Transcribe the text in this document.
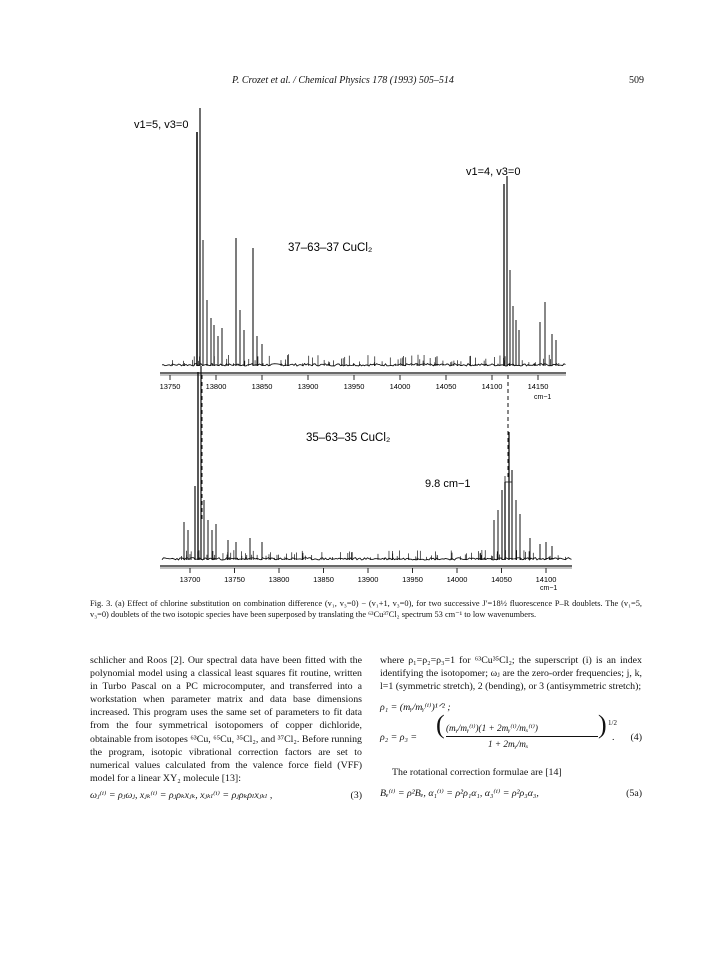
P. Crozet et al. / Chemical Physics 178 (1993) 505–514	509
13750	13800	13850	13900	13950	14000	14050	14100	14150
v1=5, v3=0
v1=4, v3=0
37–63–37 CuCl₂
cm−1
13700	13750	13800	13850	13900	13950	14000	14050	14100
35–63–35 CuCl₂
9.8 cm−1
cm−1
Fig. 3. (a) Effect of chlorine substitution on combination difference (v₁, v₃=0) − (v₁+1, v₃=0), for two successive J′=18½ fluorescence P–R doublets. The (v₁=5, v₃=0) doublets of the two isotopic species have been superposed by translating the ⁶³Cu³⁷Cl₂ spectrum 53 cm⁻¹ to low wavenumbers.

schlicher and Roos [2]. Our spectral data have been fitted with the polynomial model using a classical least squares fit routine, written in Turbo Pascal on a PC microcomputer, and transferred into a workstation when parameter matrix and data base dimensions increased. This program uses the same set of parameters to fit data from the four symmetrical isotopomers of copper dichloride, obtainable from isotopes ⁶³Cu, ⁶⁵Cu, ³⁵Cl₂, and ³⁷Cl₂. Before running the program, isotopic vibrational correction factors are set to numerical values calculated from the valence force field (VFF) model for a linear XY₂ molecule [13]:

ωⱼ⁽ⁱ⁾ = ρⱼωⱼ, xⱼₖ⁽ⁱ⁾ = ρⱼρₖxⱼₖ, xⱼₖₗ⁽ⁱ⁾ = ρⱼρₖρₗxⱼₖₗ ,	(3)

where ρ₁=ρ₂=ρ₃=1 for ⁶³Cu³⁵Cl₂; the superscript (i) is an index identifying the isotopomer; ωⱼ are the zero-order frequencies; j, k, l=1 (symmetric stretch), 2 (bending), or 3 (antisymmetric stretch);

ρ₁ = (mᵧ/mᵧ⁽ⁱ⁾)¹ᐟ² ;
ρ₂ = ρ₃ = ( (mᵧ/mᵧ⁽ⁱ⁾)(1 + 2mᵧ⁽ⁱ⁾/mₓ⁽ⁱ⁾)
1 + 2mᵧ/mₓ
) 1/2
. (4)

The rotational correction formulae are [14]

Bₑ⁽ⁱ⁾ = ρ²Bₑ, α₁⁽ⁱ⁾ = ρ²ρ₁α₁, α₃⁽ⁱ⁾ = ρ²ρ₃α₃,	(5a)
